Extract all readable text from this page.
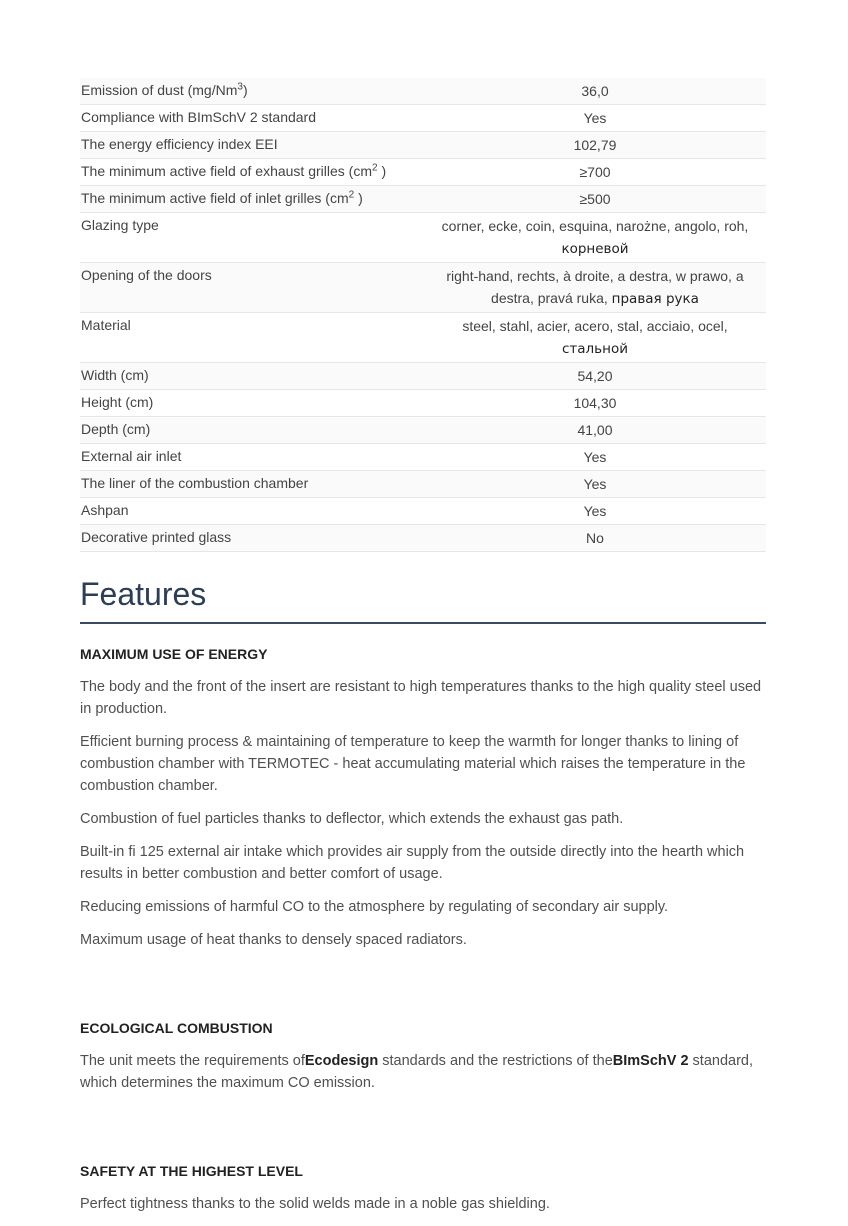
Emission of dust (mg/Nm$^3$)	36,0
Compliance with BImSchV 2 standard	Yes
The energy efficiency index EEI	102,79
The minimum active field of exhaust grilles ($cm^2$ )	≥700
The minimum active field of inlet grilles ($cm^2$ )	≥500
Glazing type	corner, ecke, coin, esquina, narożne, angolo, roh, корневой
Opening of the doors	right-hand, rechts, à droite, a destra, w prawo, a destra, pravá ruka, правая рука
Material	steel, stahl, acier, acero, stal, acciaio, ocel, стальной
Width (cm)	54,20
Height (cm)	104,30
Depth (cm)	41,00
External air inlet	Yes
The liner of the combustion chamber	Yes
Ashpan	Yes
Decorative printed glass	No
Features
MAXIMUM USE OF ENERGY

The body and the front of the insert are resistant to high temperatures thanks to the high quality steel used in production.

Efficient burning process & maintaining of temperature to keep the warmth for longer thanks to lining of combustion chamber with TERMOTEC - heat accumulating material which raises the temperature in the combustion chamber.

Combustion of fuel particles thanks to deflector, which extends the exhaust gas path.

Built-in fi 125 external air intake which provides air supply from the outside directly into the hearth which results in better combustion and better comfort of usage.

Reducing emissions of harmful CO to the atmosphere by regulating of secondary air supply.

Maximum usage of heat thanks to densely spaced radiators.

ECOLOGICAL COMBUSTION

The unit meets the requirements ofEcodesign standards and the restrictions of theBImSchV 2 standard, which determines the maximum CO emission.

SAFETY AT THE HIGHEST LEVEL

Perfect tightness thanks to the solid welds made in a noble gas shielding.
